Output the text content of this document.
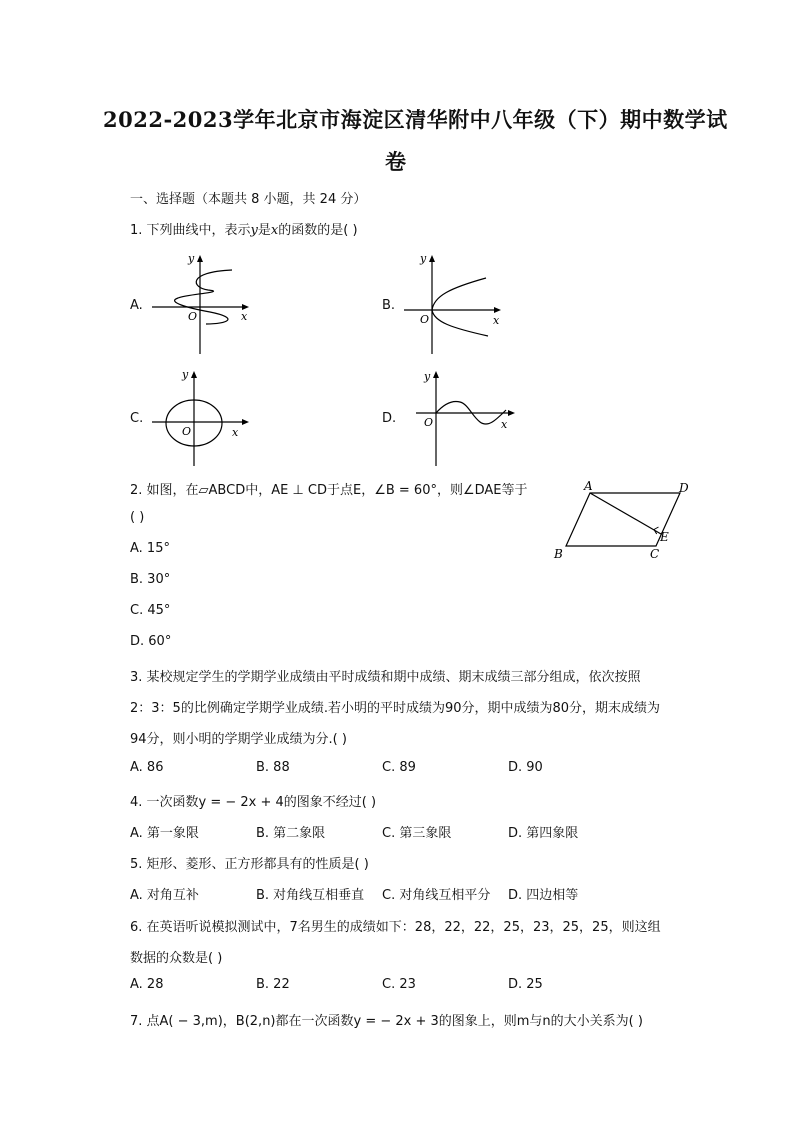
2022-2023学年北京市海淀区清华附中八年级（下）期中数学试
卷
一、选择题（本题共 8 小题，共 24 分）
1. 下列曲线中，表示y是x的函数的是( )
A.
y
x
O
B.
y
x
O
C.
y
x
O
D.
y
x
O
2. 如图，在▱ABCD中，AE ⊥ CD于点E，∠B = 60°，则∠DAE等于
( )
A. 15°
B. 30°
C. 45°
D. 60°
A	D
E
B	C
3. 某校规定学生的学期学业成绩由平时成绩和期中成绩、期末成绩三部分组成，依次按照
2：3：5的比例确定学期学业成绩.若小明的平时成绩为90分，期中成绩为80分，期末成绩为
94分，则小明的学期学业成绩为分.( )
A. 86	B. 88	C. 89	D. 90
4. 一次函数y = − 2x + 4的图象不经过( )
A. 第一象限	B. 第二象限	C. 第三象限	D. 第四象限
5. 矩形、菱形、正方形都具有的性质是( )
A. 对角互补	B. 对角线互相垂直 C. 对角线互相平分 D. 四边相等
6. 在英语听说模拟测试中，7名男生的成绩如下：28，22，22，25，23，25，25，则这组
数据的众数是( )
A. 28	B. 22	C. 23	D. 25
7. 点A( − 3,m)，B(2,n)都在一次函数y = − 2x + 3的图象上，则m与n的大小关系为( )
